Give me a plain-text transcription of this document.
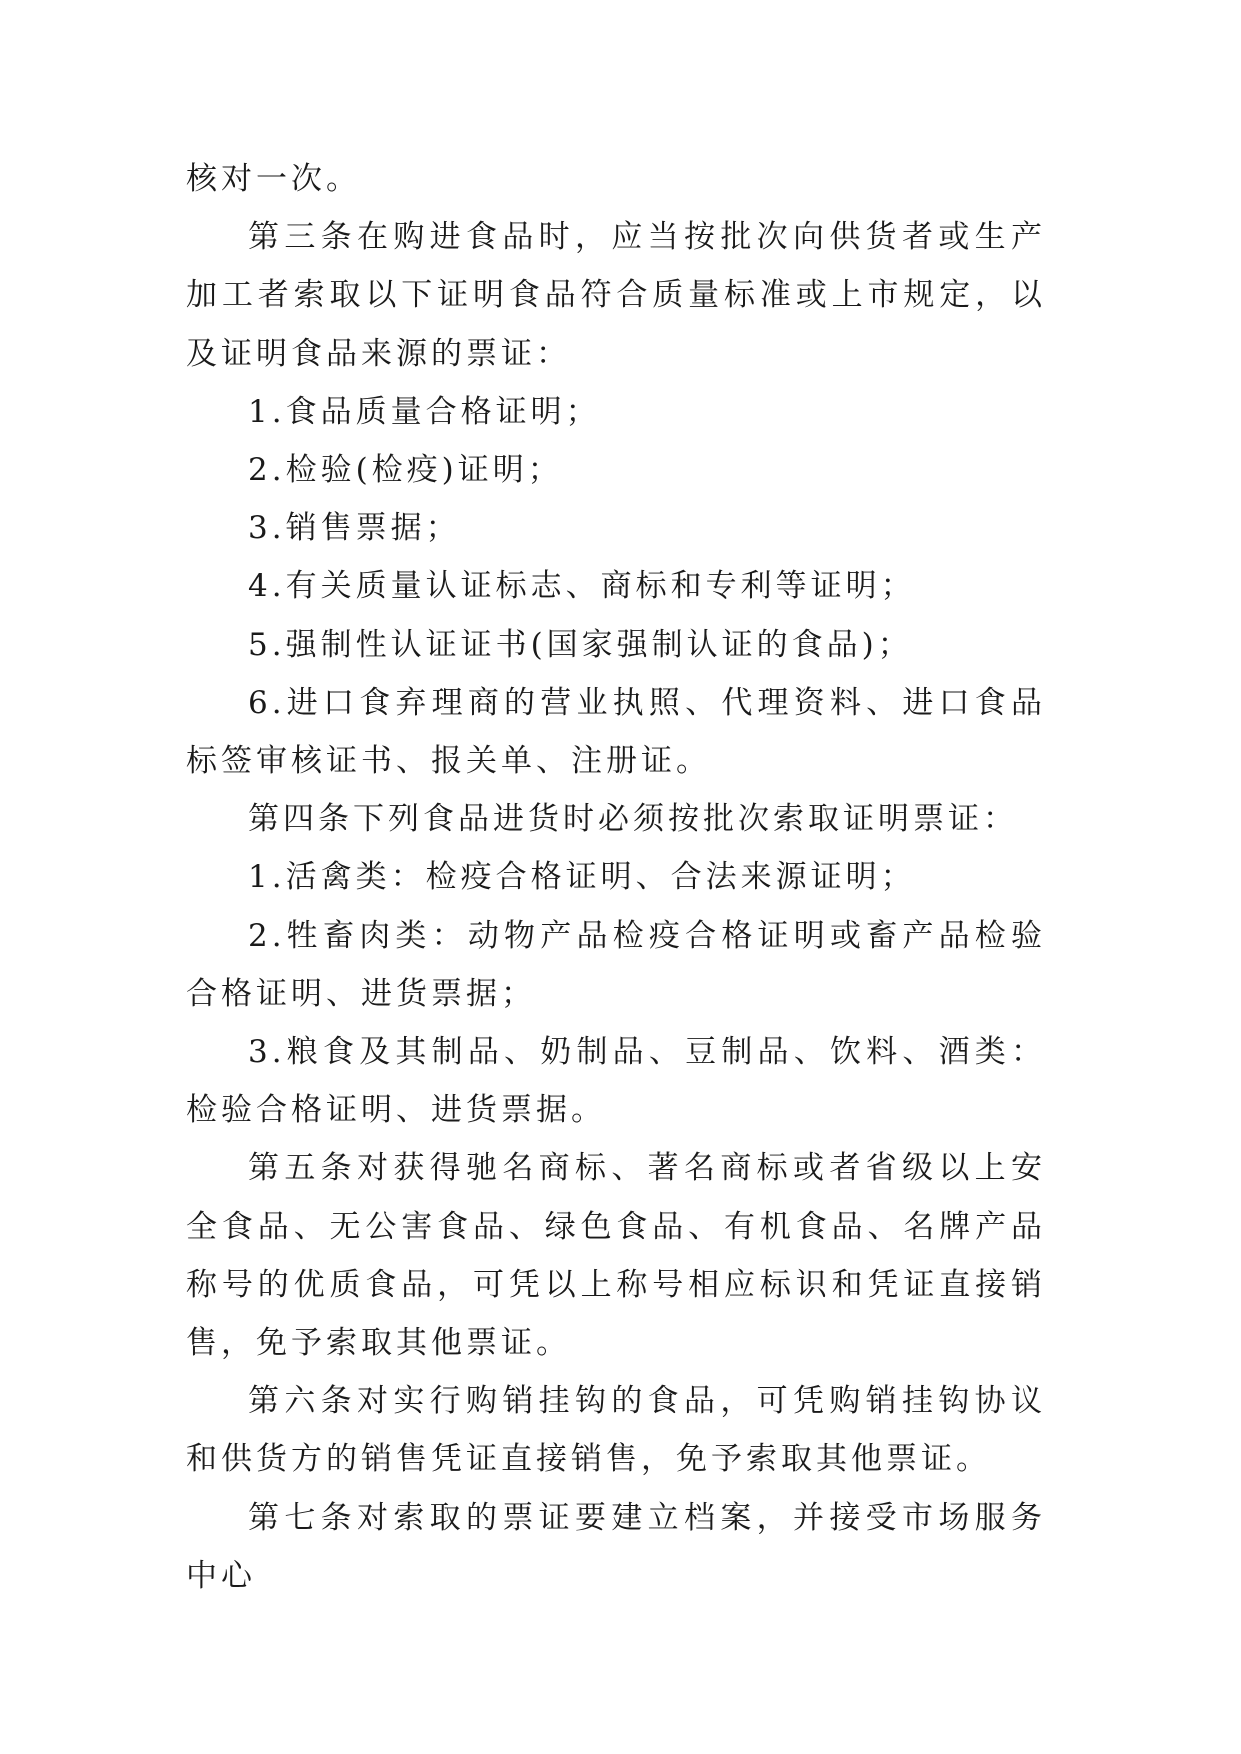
核对一次。

第三条在购进食品时，应当按批次向供货者或生产加工者索取以下证明食品符合质量标准或上市规定，以及证明食品来源的票证：

1.食品质量合格证明；

2.检验(检疫)证明；

3.销售票据；

4.有关质量认证标志、商标和专利等证明；

5.强制性认证证书(国家强制认证的食品)；

6.进口食弃理商的营业执照、代理资料、进口食品标签审核证书、报关单、注册证。

第四条下列食品进货时必须按批次索取证明票证：

1.活禽类：检疫合格证明、合法来源证明；

2.牲畜肉类：动物产品检疫合格证明或畜产品检验合格证明、进货票据；

3.粮食及其制品、奶制品、豆制品、饮料、酒类：检验合格证明、进货票据。

第五条对获得驰名商标、著名商标或者省级以上安全食品、无公害食品、绿色食品、有机食品、名牌产品称号的优质食品，可凭以上称号相应标识和凭证直接销售，免予索取其他票证。

第六条对实行购销挂钩的食品，可凭购销挂钩协议和供货方的销售凭证直接销售，免予索取其他票证。

第七条对索取的票证要建立档案，并接受市场服务中心
